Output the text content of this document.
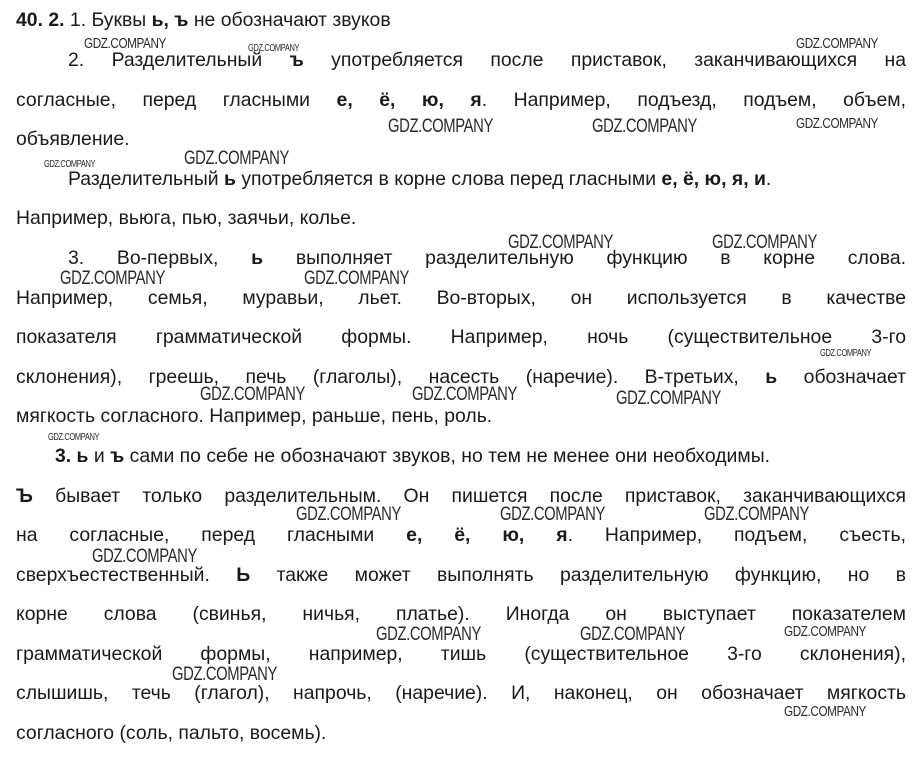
40. 2. 1. Буквы ь, ъ не обозначают звуков
2. Разделительный ъ употребляется после приставок, заканчивающихся на
согласные, перед гласными е, ё, ю, я. Например, подъезд, подъем, объем,
объявление.
Разделительный ь употребляется в корне слова перед гласными е, ё, ю, я, и.
Например, вьюга, пью, заячьи, колье.
3. Во-первых, ь выполняет разделительную функцию в корне слова.
Например, семья, муравьи, льет. Во-вторых, он используется в качестве
показателя грамматической формы. Например, ночь (существительное 3-го
склонения), греешь, печь (глаголы), насесть (наречие). В-третьих, ь обозначает
мягкость согласного. Например, раньше, пень, роль.
3. ь и ъ сами по себе не обозначают звуков, но тем не менее они необходимы.
Ъ бывает только разделительным. Он пишется после приставок, заканчивающихся
на согласные, перед гласными е, ё, ю, я. Например, подъем, съесть,
сверхъестественный. Ь также может выполнять разделительную функцию, но в
корне слова (свинья, ничья, платье). Иногда он выступает показателем
грамматической формы, например, тишь (существительное 3-го склонения),
слышишь, течь (глагол), напрочь, (наречие). И, наконец, он обозначает мягкость
согласного (соль, пальто, восемь).
GDZ.COMPANY	GDZ.COMPANY	GDZ.COMPANY
GDZ.COMPANY	GDZ.COMPANY	GDZ.COMPANY
GDZ.COMPANY	GDZ.COMPANY
GDZ.COMPANY	GDZ.COMPANY
GDZ.COMPANY	GDZ.COMPANY
GDZ.COMPANY
GDZ.COMPANY	GDZ.COMPANY	GDZ.COMPANY
GDZ.COMPANY
GDZ.COMPANY	GDZ.COMPANY	GDZ.COMPANY
GDZ.COMPANY
GDZ.COMPANY	GDZ.COMPANY	GDZ.COMPANY
GDZ.COMPANY
GDZ.COMPANY
